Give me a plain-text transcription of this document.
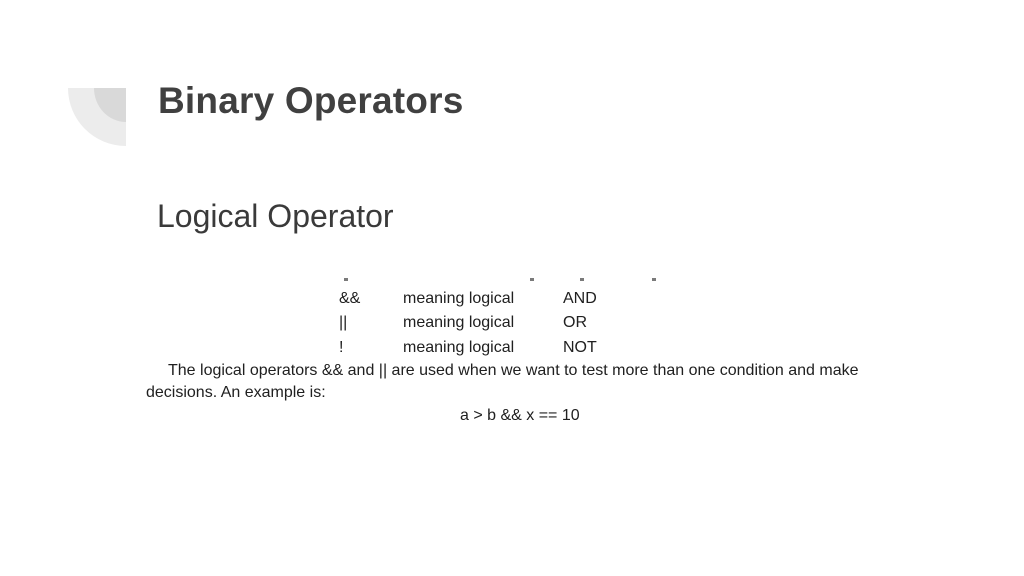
Binary Operators
Logical Operator
&&	meaning logical	AND
||	meaning logical	OR
!	meaning logical	NOT
The logical operators && and || are used when we want to test more than one condition and make
decisions. An example is:
a > b && x == 10
